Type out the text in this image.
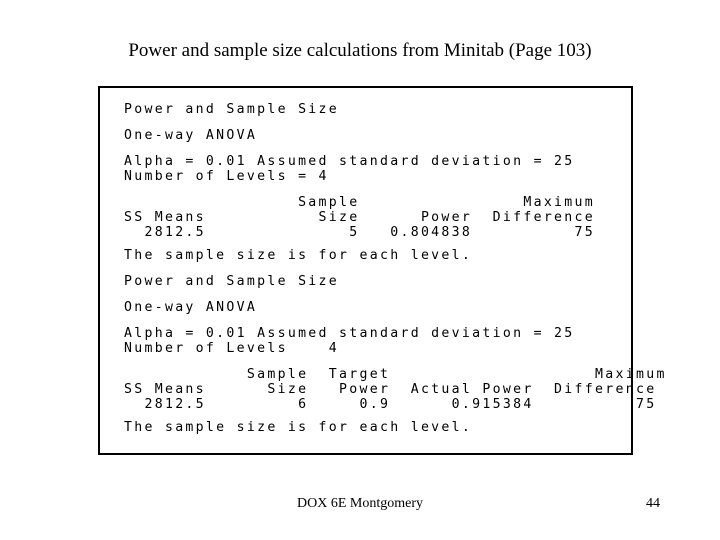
Power and sample size calculations from Minitab (Page 103)
Power and Sample Size
One-way ANOVA
Alpha = 0.01 Assumed standard deviation = 25
Number of Levels = 4
Sample                Maximum
SS Means           Size      Power  Difference
2812.5              5   0.804838          75
The sample size is for each level.
Power and Sample Size
One-way ANOVA
Alpha = 0.01 Assumed standard deviation = 25
Number of Levels    4
Sample  Target                    Maximum
SS Means      Size   Power  Actual Power  Difference
2812.5         6     0.9      0.915384          75
The sample size is for each level.
DOX 6E Montgomery	44
